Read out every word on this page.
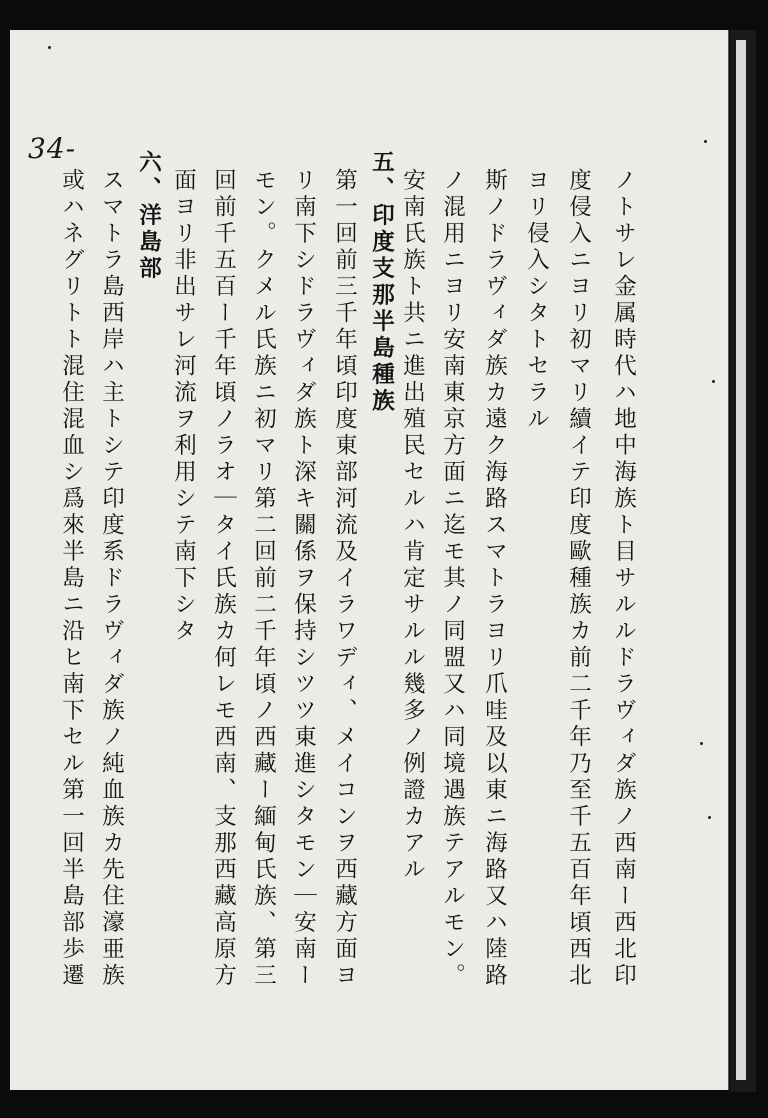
34-
ノトサレ金属時代ハ地中海族ト目サルルドラヴィダ族ノ西南ー西北印
度侵入ニヨリ初マリ續イテ印度歐種族カ前二千年乃至千五百年頃西北
ヨリ侵入シタトセラル
斯ノドラヴィダ族カ遠ク海路スマトラヨリ爪哇及以東ニ海路又ハ陸路
ノ混用ニヨリ安南東京方面ニ迄モ其ノ同盟又ハ同境遇族テアルモン。
安南氏族ト共ニ進出殖民セルハ肯定サルル幾多ノ例證カアル
五、印度支那半島種族
第一回前三千年頃印度東部河流及イラワディ、メイコンヲ西藏方面ヨ
リ南下シドラヴィダ族ト深キ關係ヲ保持シツツ東進シタモン｜安南ー
モン。クメル氏族ニ初マリ第二回前二千年頃ノ西藏ー緬甸氏族、第三
回前千五百ー千年頃ノラオ｜タイ氏族カ何レモ西南、支那西藏高原方
面ヨリ非出サレ河流ヲ利用シテ南下シタ
六、洋島部
スマトラ島西岸ハ主トシテ印度系ドラヴィダ族ノ純血族カ先住濠亜族
或ハネグリトト混住混血シ爲來半島ニ沿ヒ南下セル第一回半島部歩遷
